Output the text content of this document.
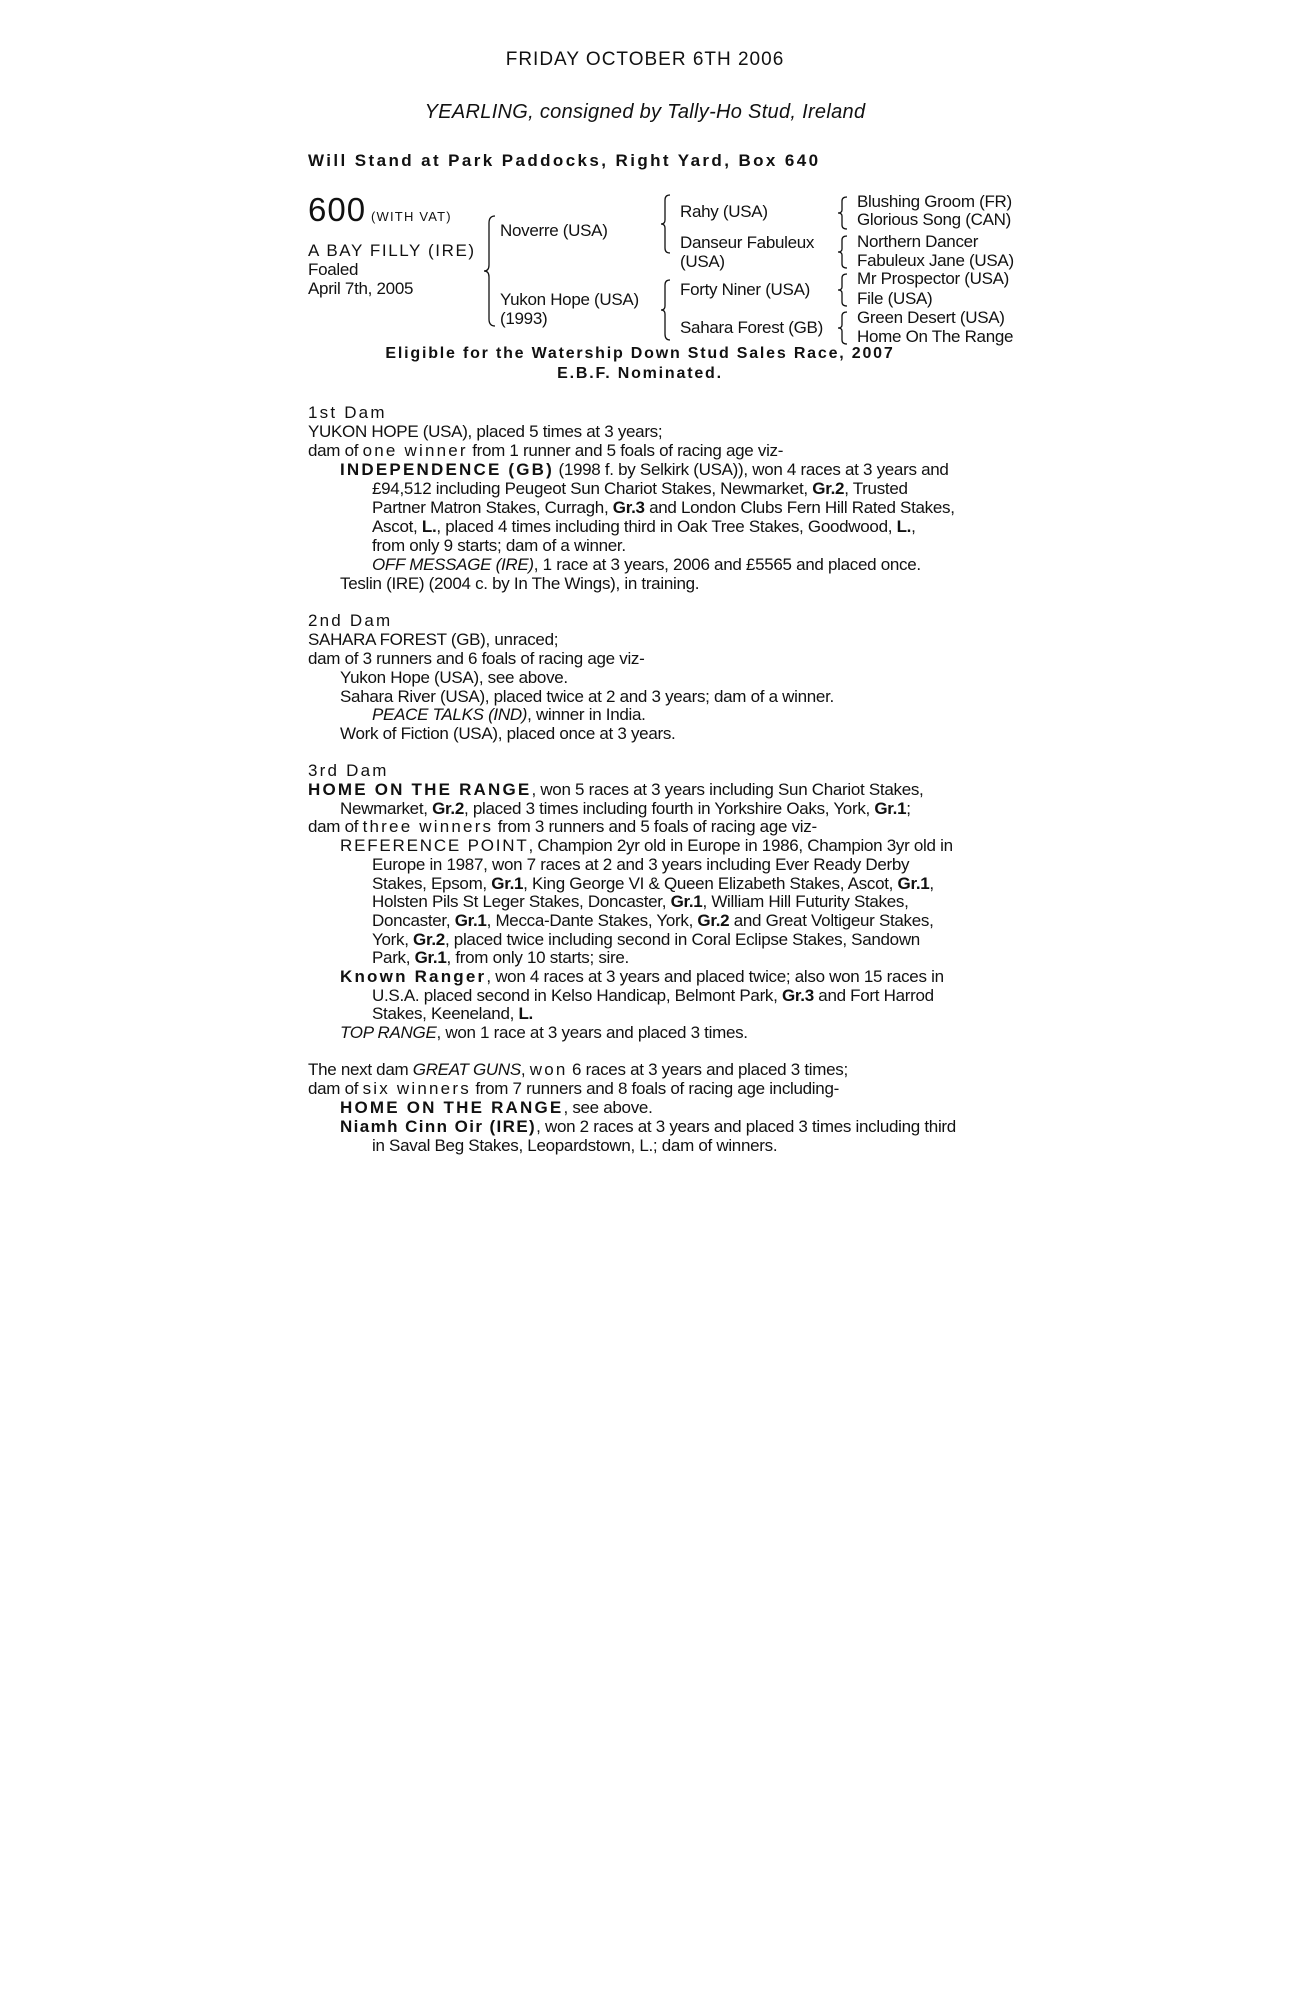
FRIDAY OCTOBER 6TH 2006
YEARLING, consigned by Tally-Ho Stud, Ireland
Will Stand at Park Paddocks, Right Yard, Box 640
600 (WITH VAT)
A BAY FILLY (IRE)
Foaled
April 7th, 2005
Noverre (USA)
Yukon Hope (USA)
(1993)
Rahy (USA)
Danseur Fabuleux
(USA)
Forty Niner (USA)
Sahara Forest (GB)
Blushing Groom (FR)
Glorious Song (CAN)
Northern Dancer
Fabuleux Jane (USA)
Mr Prospector (USA)
File (USA)
Green Desert (USA)
Home On The Range
Eligible for the Watership Down Stud Sales Race, 2007
E.B.F. Nominated.
1st Dam
YUKON HOPE (USA), placed 5 times at 3 years;
dam of one winner from 1 runner and 5 foals of racing age viz-
INDEPENDENCE (GB) (1998 f. by Selkirk (USA)), won 4 races at 3 years and
£94,512 including Peugeot Sun Chariot Stakes, Newmarket, Gr.2, Trusted
Partner Matron Stakes, Curragh, Gr.3 and London Clubs Fern Hill Rated Stakes,
Ascot, L., placed 4 times including third in Oak Tree Stakes, Goodwood, L.,
from only 9 starts; dam of a winner.
OFF MESSAGE (IRE), 1 race at 3 years, 2006 and £5565 and placed once.
Teslin (IRE) (2004 c. by In The Wings), in training.
2nd Dam
SAHARA FOREST (GB), unraced;
dam of 3 runners and 6 foals of racing age viz-
Yukon Hope (USA), see above.
Sahara River (USA), placed twice at 2 and 3 years; dam of a winner.
PEACE TALKS (IND), winner in India.
Work of Fiction (USA), placed once at 3 years.
3rd Dam
HOME ON THE RANGE, won 5 races at 3 years including Sun Chariot Stakes,
Newmarket, Gr.2, placed 3 times including fourth in Yorkshire Oaks, York, Gr.1;
dam of three winners from 3 runners and 5 foals of racing age viz-
REFERENCE POINT, Champion 2yr old in Europe in 1986, Champion 3yr old in
Europe in 1987, won 7 races at 2 and 3 years including Ever Ready Derby
Stakes, Epsom, Gr.1, King George VI & Queen Elizabeth Stakes, Ascot, Gr.1,
Holsten Pils St Leger Stakes, Doncaster, Gr.1, William Hill Futurity Stakes,
Doncaster, Gr.1, Mecca-Dante Stakes, York, Gr.2 and Great Voltigeur Stakes,
York, Gr.2, placed twice including second in Coral Eclipse Stakes, Sandown
Park, Gr.1, from only 10 starts; sire.
Known Ranger, won 4 races at 3 years and placed twice; also won 15 races in
U.S.A. placed second in Kelso Handicap, Belmont Park, Gr.3 and Fort Harrod
Stakes, Keeneland, L.
TOP RANGE, won 1 race at 3 years and placed 3 times.
The next dam GREAT GUNS, won 6 races at 3 years and placed 3 times;
dam of six winners from 7 runners and 8 foals of racing age including-
HOME ON THE RANGE, see above.
Niamh Cinn Oir (IRE), won 2 races at 3 years and placed 3 times including third
in Saval Beg Stakes, Leopardstown, L.; dam of winners.
